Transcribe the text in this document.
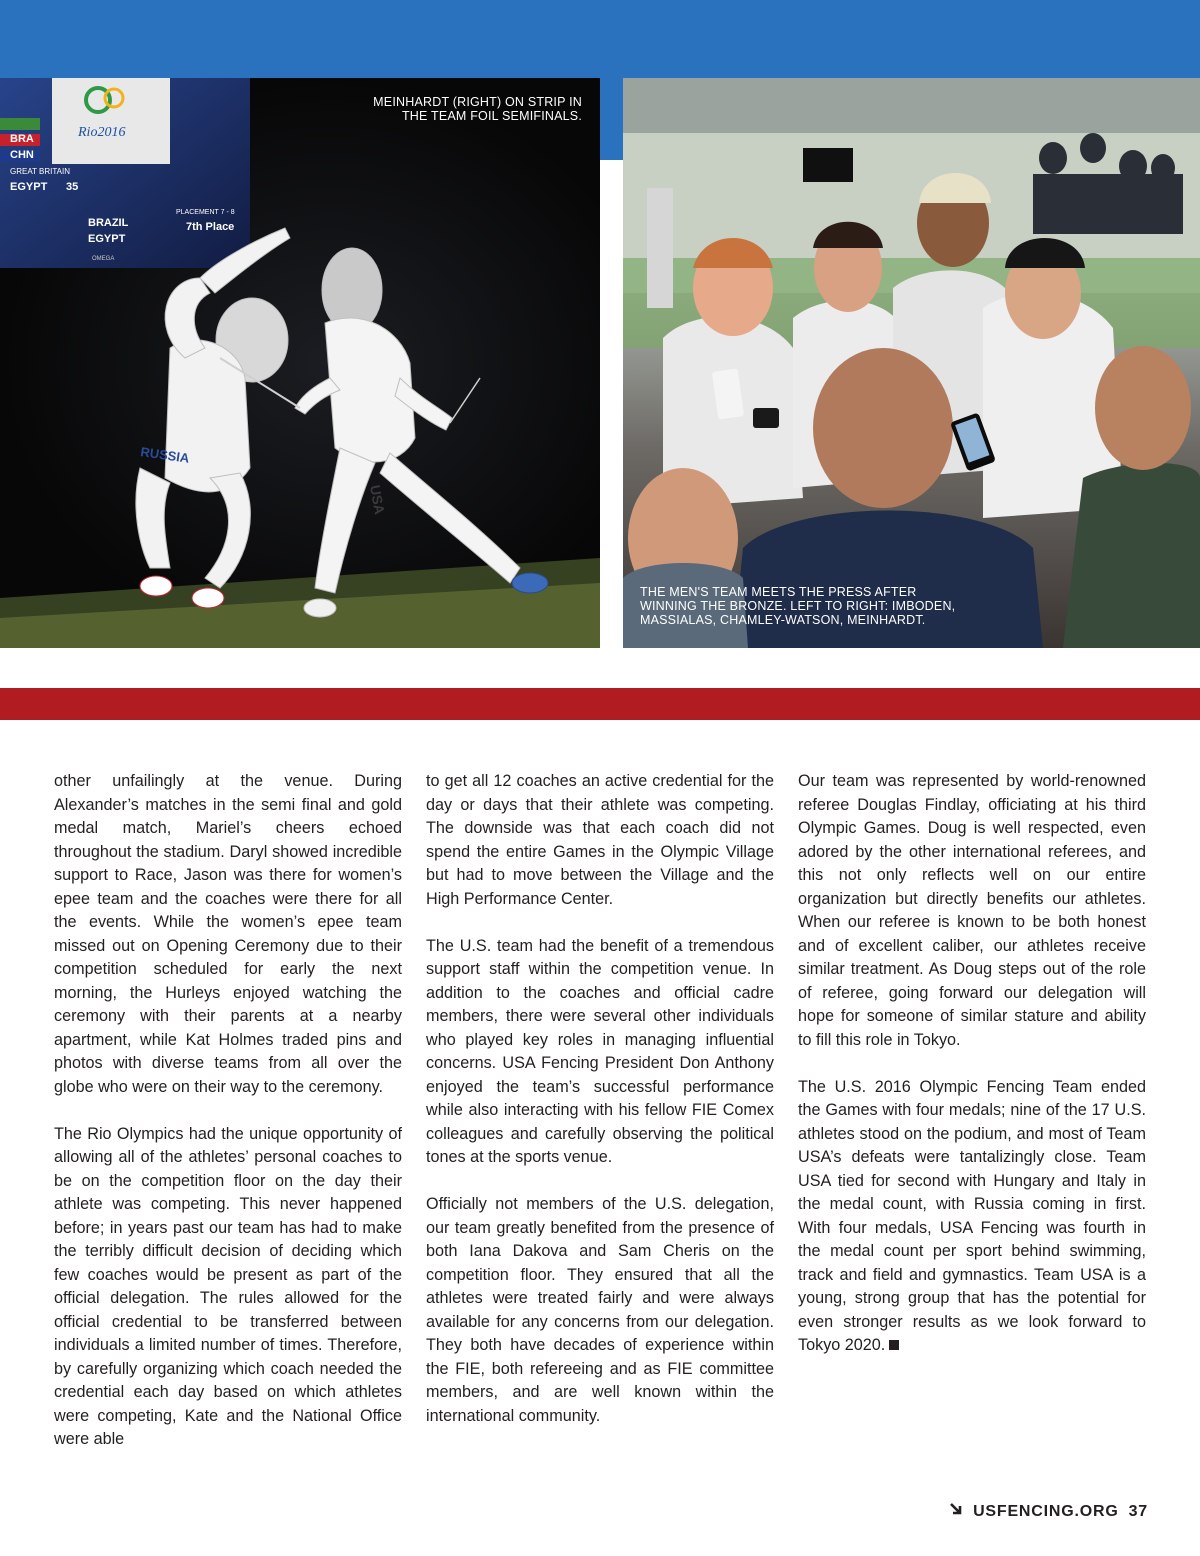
BRA
CHN
GREAT BRITAIN
EGYPT 35
BRAZIL
EGYPT
PLACEMENT 7 - 8
7th Place
OMEGA
Rio2016
RUSSIA
USA
MEINHARDT (RIGHT) ON STRIP IN THE TEAM FOIL SEMIFINALS.
THE MEN'S TEAM MEETS THE PRESS AFTER WINNING THE BRONZE. LEFT TO RIGHT: IMBODEN, MASSIALAS, CHAMLEY-WATSON, MEINHARDT.

other unfailingly at the venue. During Alexander’s matches in the semi final and gold medal match, Mariel’s cheers echoed throughout the stadium. Daryl showed incredible support to Race, Jason was there for women’s epee team and the coaches were there for all the events. While the women’s epee team missed out on Opening Ceremony due to their competition scheduled for early the next morning, the Hurleys enjoyed watching the ceremony with their parents at a nearby apartment, while Kat Holmes traded pins and photos with diverse teams from all over the globe who were on their way to the ceremony.

The Rio Olympics had the unique opportunity of allowing all of the athletes’ personal coaches to be on the competition floor on the day their athlete was competing. This never happened before; in years past our team has had to make the terribly difficult decision of deciding which few coaches would be present as part of the official delegation. The rules allowed for the official credential to be transferred between individuals a limited number of times. Therefore, by carefully organizing which coach needed the credential each day based on which athletes were competing, Kate and the National Office were able

to get all 12 coaches an active credential for the day or days that their athlete was competing. The downside was that each coach did not spend the entire Games in the Olympic Village but had to move between the Village and the High Performance Center.

The U.S. team had the benefit of a tremendous support staff within the competition venue. In addition to the coaches and official cadre members, there were several other individuals who played key roles in managing influential concerns. USA Fencing President Don Anthony enjoyed the team’s successful performance while also interacting with his fellow FIE Comex colleagues and carefully observing the political tones at the sports venue.

Officially not members of the U.S. delegation, our team greatly benefited from the presence of both Iana Dakova and Sam Cheris on the competition floor. They ensured that all the athletes were treated fairly and were always available for any concerns from our delegation. They both have decades of experience within the FIE, both refereeing and as FIE committee members, and are well known within the international community.

Our team was represented by world-renowned referee Douglas Findlay, officiating at his third Olympic Games. Doug is well respected, even adored by the other international referees, and this not only reflects well on our entire organization but directly benefits our athletes. When our referee is known to be both honest and of excellent caliber, our athletes receive similar treatment. As Doug steps out of the role of referee, going forward our delegation will hope for someone of similar stature and ability to fill this role in Tokyo.

The U.S. 2016 Olympic Fencing Team ended the Games with four medals; nine of the 17 U.S. athletes stood on the podium, and most of Team USA’s defeats were tantalizingly close. Team USA tied for second with Hungary and Italy in the medal count, with Russia coming in first. With four medals, USA Fencing was fourth in the medal count per sport behind swimming, track and field and gymnastics. Team USA is a young, strong group that has the potential for even stronger results as we look forward to Tokyo 2020.

USFENCING.ORG 37
